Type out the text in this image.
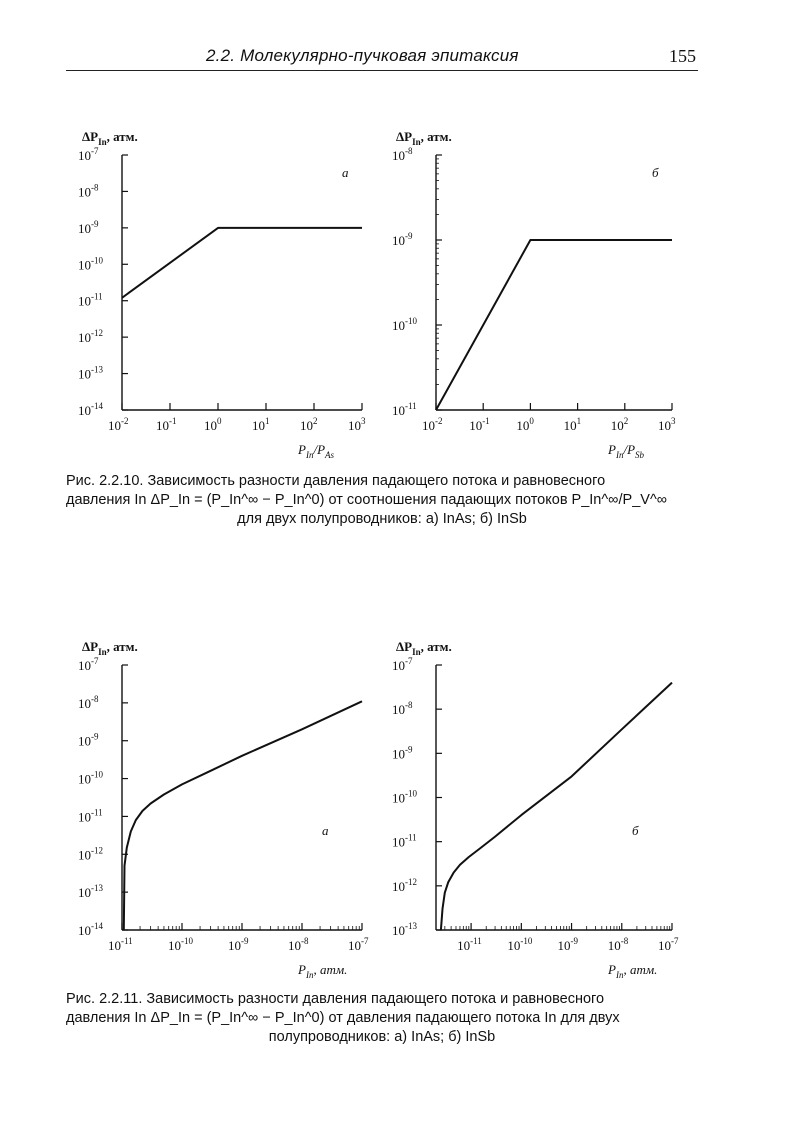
2.2. Молекулярно-пучковая эпитаксия	155
$10^{-7}$
$10^{-8}$
$10^{-9}$
$10^{-10}$
$10^{-11}$
$10^{-12}$
$10^{-13}$
$10^{-14}$
$10^{-2}$ $10^{-1}$ $10^0$ $10^1$ $10^2$ $10^3$
$\Delta P_{In}$, атм.
$P_{In}/P_{As}$
а
$10^{-8}$
$10^{-9}$
$10^{-10}$
$10^{-11}$
$10^{-2}$ $10^{-1}$ $10^0$ $10^1$ $10^2$ $10^3$
$\Delta P_{In}$, атм.
$P_{In}/P_{Sb}$
б
Рис. 2.2.10. Зависимость разности давления падающего потока и равновесного
давления In ΔP_In = (P_In^∞ − P_In^0) от соотношения падающих потоков P_In^∞/P_V^∞
для двух полупроводников: а) InAs; б) InSb
$10^{-7}$
$10^{-8}$
$10^{-9}$
$10^{-10}$
$10^{-11}$
$10^{-12}$
$10^{-13}$
$10^{-14}$
$10^{-11}$	$10^{-10}$	$10^{-9}$	$10^{-8}$	$10^{-7}$
$\Delta P_{In}$, атм.
$P_{In}$, атм.
а
$10^{-7}$
$10^{-8}$
$10^{-9}$
$10^{-10}$
$10^{-11}$
$10^{-12}$
$10^{-13}$
$10^{-11}$ $10^{-10}$ $10^{-9}$ $10^{-8}$ $10^{-7}$
$\Delta P_{In}$, атм.
$P_{In}$, атм.
б
Рис. 2.2.11. Зависимость разности давления падающего потока и равновесного
давления In ΔP_In = (P_In^∞ − P_In^0) от давления падающего потока In для двух
полупроводников: а) InAs; б) InSb
